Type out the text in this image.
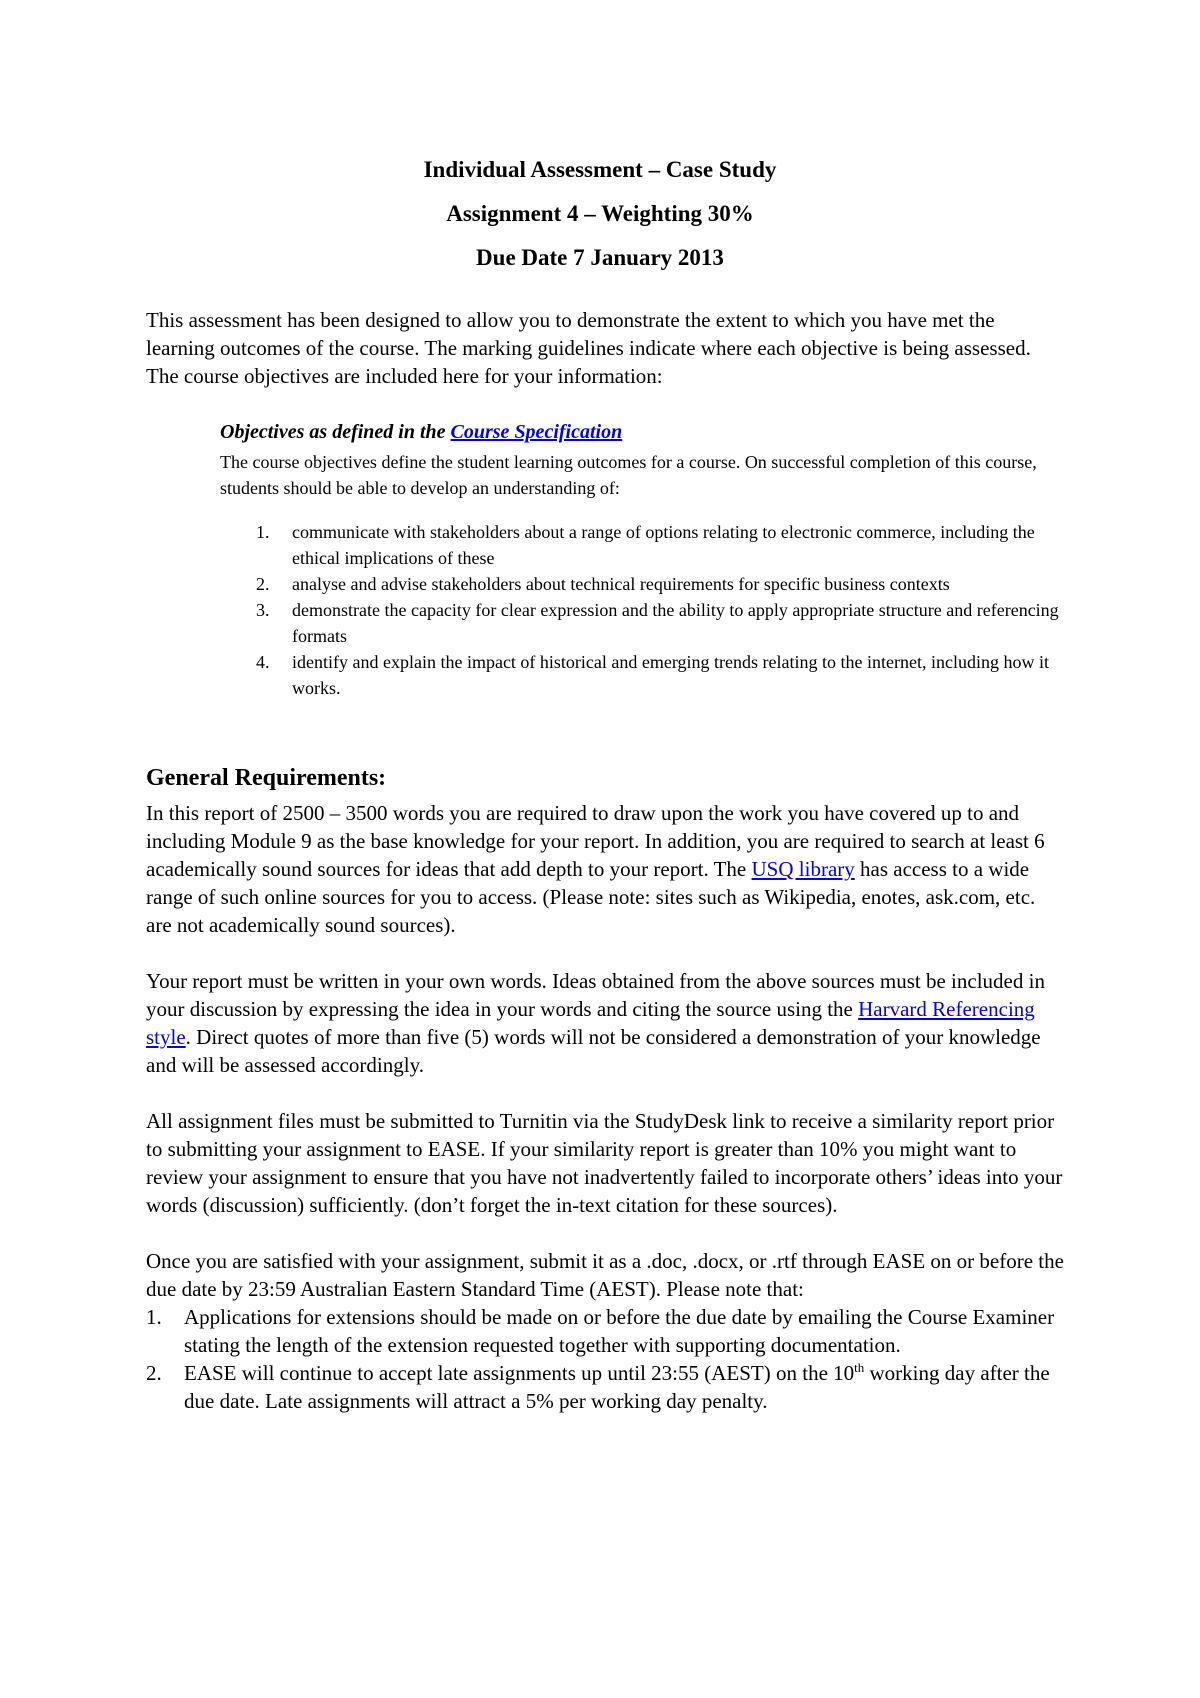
Individual Assessment – Case Study
Assignment 4 – Weighting 30%
Due Date 7 January 2013

This assessment has been designed to allow you to demonstrate the extent to which you have met the learning outcomes of the course. The marking guidelines indicate where each objective is being assessed. The course objectives are included here for your information:

Objectives as defined in the Course Specification

The course objectives define the student learning outcomes for a course. On successful completion of this course, students should be able to develop an understanding of:

1. communicate with stakeholders about a range of options relating to electronic commerce, including the ethical implications of these
2. analyse and advise stakeholders about technical requirements for specific business contexts
3. demonstrate the capacity for clear expression and the ability to apply appropriate structure and referencing formats
4. identify and explain the impact of historical and emerging trends relating to the internet, including how it works.
General Requirements:

In this report of 2500 – 3500 words you are required to draw upon the work you have covered up to and including Module 9 as the base knowledge for your report. In addition, you are required to search at least 6 academically sound sources for ideas that add depth to your report. The USQ library has access to a wide range of such online sources for you to access. (Please note: sites such as Wikipedia, enotes, ask.com, etc. are not academically sound sources).

Your report must be written in your own words. Ideas obtained from the above sources must be included in your discussion by expressing the idea in your words and citing the source using the Harvard Referencing style. Direct quotes of more than five (5) words will not be considered a demonstration of your knowledge and will be assessed accordingly.

All assignment files must be submitted to Turnitin via the StudyDesk link to receive a similarity report prior to submitting your assignment to EASE. If your similarity report is greater than 10% you might want to review your assignment to ensure that you have not inadvertently failed to incorporate others’ ideas into your words (discussion) sufficiently. (don’t forget the in-text citation for these sources).

Once you are satisfied with your assignment, submit it as a .doc, .docx, or .rtf through EASE on or before the due date by 23:59 Australian Eastern Standard Time (AEST). Please note that:

1. Applications for extensions should be made on or before the due date by emailing the Course Examiner stating the length of the extension requested together with supporting documentation.
2. EASE will continue to accept late assignments up until 23:55 (AEST) on the 10th working day after the due date. Late assignments will attract a 5% per working day penalty.
